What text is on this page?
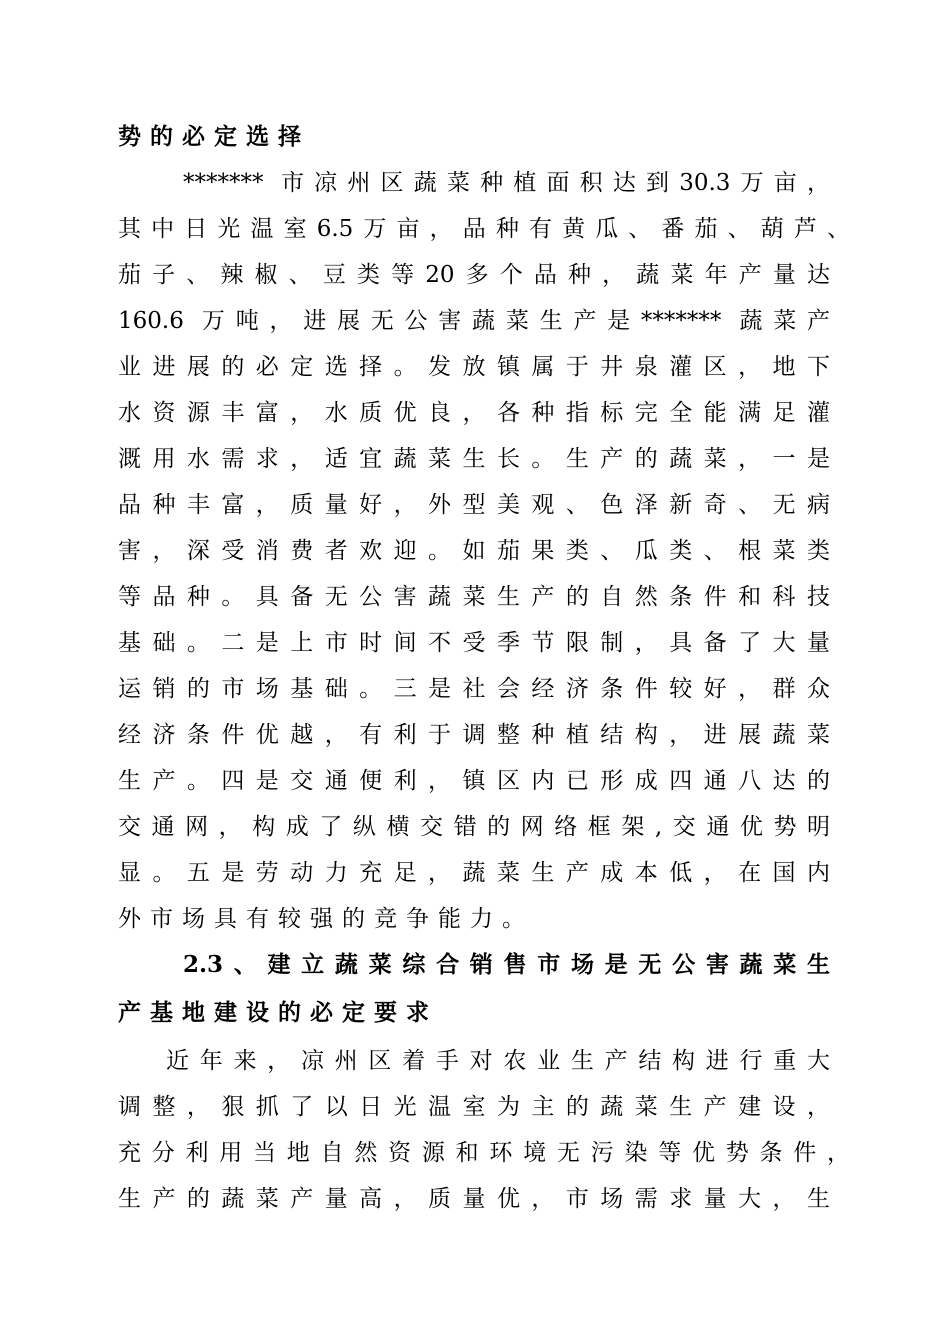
势的必定选择
******* 市凉州区蔬菜种植面积达到30.3万亩，
其中日光温室6.5万亩，品种有黄瓜、番茄、葫芦、
茄子、辣椒、豆类等20多个品种，蔬菜年产量达
160.6 万吨，进展无公害蔬菜生产是******* 蔬菜产
业进展的必定选择。发放镇属于井泉灌区，地下
水资源丰富，水质优良，各种指标完全能满足灌
溉用水需求，适宜蔬菜生长。生产的蔬菜，一是
品种丰富，质量好，外型美观、色泽新奇、无病
害，深受消费者欢迎。如茄果类、瓜类、根菜类
等品种。具备无公害蔬菜生产的自然条件和科技
基础。二是上市时间不受季节限制，具备了大量
运销的市场基础。三是社会经济条件较好，群众
经济条件优越，有利于调整种植结构，进展蔬菜
生产。四是交通便利，镇区内已形成四通八达的
交通网，构成了纵横交错的网络框架,交通优势明
显。五是劳动力充足，蔬菜生产成本低，在国内
外市场具有较强的竞争能力。
2.3、建立蔬菜综合销售市场是无公害蔬菜生
产基地建设的必定要求
近年来，凉州区着手对农业生产结构进行重大
调整，狠抓了以日光温室为主的蔬菜生产建设，
充分利用当地自然资源和环境无污染等优势条件，
生产的蔬菜产量高，质量优，市场需求量大，生
